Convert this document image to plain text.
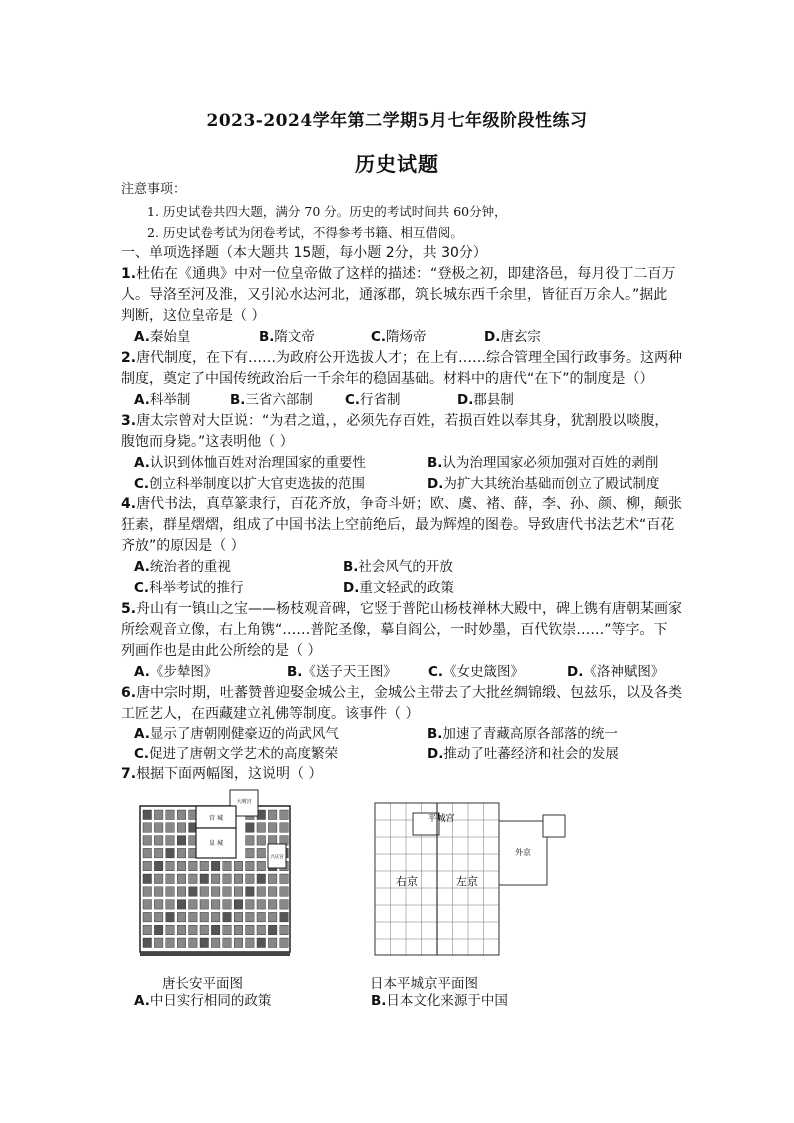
2023-2024学年第二学期5月七年级阶段性练习
历史试题
注意事项：
1. 历史试卷共四大题，满分 70 分。历史的考试时间共 60分钟，
2. 历史试卷考试为闭卷考试，不得参考书籍、相互借阅。
一、单项选择题（本大题共 15题，每小题 2分，共 30分）
1.杜佑在《通典》中对一位皇帝做了这样的描述：“登极之初，即建洛邑，每月役丁二百万
人。导洛至河及淮，又引沁水达河北，通涿郡，筑长城东西千余里，皆征百万余人。”据此
判断，这位皇帝是（ ）
A.秦始皇	B.隋文帝	C.隋炀帝	D.唐玄宗
2.唐代制度，在下有……为政府公开选拔人才；在上有……综合管理全国行政事务。这两种
制度，奠定了中国传统政治后一千余年的稳固基础。材料中的唐代“在下”的制度是（）
A.科举制	B.三省六部制 C.行省制	D.郡县制
3.唐太宗曾对大臣说：“为君之道，，必须先存百姓，若损百姓以奉其身，犹割股以啖腹，
腹饱而身毙。”这表明他（ ）
A.认识到体恤百姓对治理国家的重要性	B.认为治理国家必须加强对百姓的剥削
C.创立科举制度以扩大官吏选拔的范围	D.为扩大其统治基础而创立了殿试制度
4.唐代书法，真草篆隶行，百花齐放，争奇斗妍；欧、虞、褚、薛，李、孙、颜、柳，颠张
狂素，群星熠熠，组成了中国书法上空前绝后，最为辉煌的图卷。导致唐代书法艺术“百花
齐放”的原因是（ ）
A.统治者的重视	B.社会风气的开放
C.科举考试的推行	D.重文轻武的政策
5.舟山有一镇山之宝——杨枝观音碑，它竖于普陀山杨枝禅林大殿中，碑上镌有唐朝某画家
所绘观音立像，右上角镌“……普陀圣像，摹自阎公，一时妙墨，百代钦崇……”等字。下
列画作也是由此公所绘的是（ ）
A.《步辇图》	B.《送子天王图》 C.《女史箴图》	D.《洛神赋图》
6.唐中宗时期，吐蕃赞普迎娶金城公主，金城公主带去了大批丝绸锦缎、包兹乐，以及各类
工匠艺人，在西藏建立礼佛等制度。该事件（ ）
A.显示了唐朝刚健豪迈的尚武风气	B.加速了青藏高原各部落的统一
C.促进了唐朝文学艺术的高度繁荣	D.推动了吐蕃经济和社会的发展
7.根据下面两幅图，这说明（ ）
大明宫
宫 城
皇 城
兴庆宫
唐长安平面图
平城宫
右京	左京
外京
日本平城京平面图
A.中日实行相同的政策	B.日本文化来源于中国
